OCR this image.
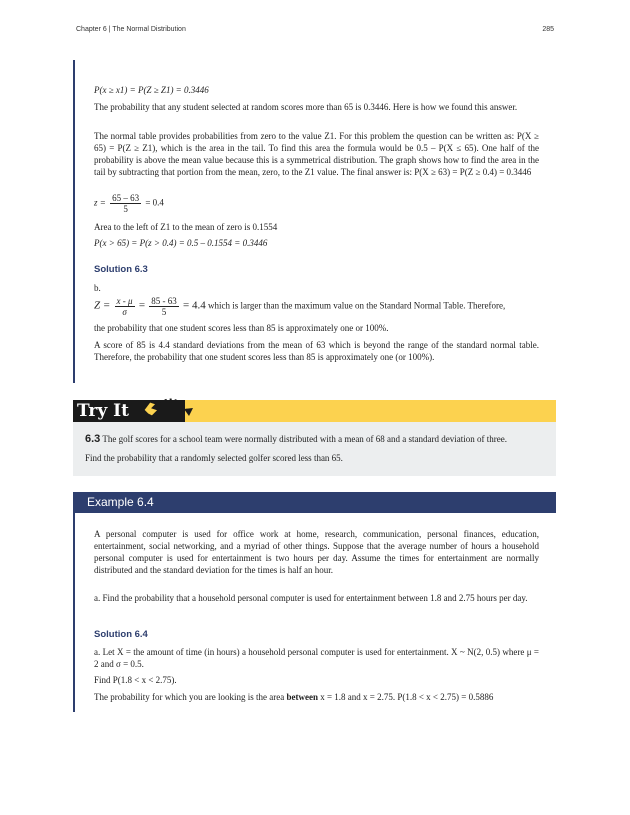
Chapter 6 | The Normal Distribution	285
P(x ≥ x1) = P(Z ≥ Z1) = 0.3446
The probability that any student selected at random scores more than 65 is 0.3446. Here is how we found this answer.
The normal table provides probabilities from zero to the value Z1. For this problem the question can be written as: P(X ≥ 65) = P(Z ≥ Z1), which is the area in the tail. To find this area the formula would be 0.5 – P(X ≤ 65). One half of the probability is above the mean value because this is a symmetrical distribution. The graph shows how to find the area in the tail by subtracting that portion from the mean, zero, to the Z1 value. The final answer is: P(X ≥ 63) = P(Z ≥ 0.4) = 0.3446
$z = \frac{65 - 63}{5} = 0.4$
Area to the left of Z1 to the mean of zero is 0.1554
P(x > 65) = P(z > 0.4) = 0.5 – 0.1554 = 0.3446
Solution 6.3
b.
$Z = \frac{x - \mu}{\sigma} = \frac{85 - 63}{5} = 4.4$ which is larger than the maximum value on the Standard Normal Table. Therefore,
the probability that one student scores less than 85 is approximately one or 100%.
A score of 85 is 4.4 standard deviations from the mean of 63 which is beyond the range of the standard normal table. Therefore, the probability that one student scores less than 85 is approximately one (or 100%).
Try It
6.3 The golf scores for a school team were normally distributed with a mean of 68 and a standard deviation of three.
Find the probability that a randomly selected golfer scored less than 65.
Example 6.4
A personal computer is used for office work at home, research, communication, personal finances, education, entertainment, social networking, and a myriad of other things. Suppose that the average number of hours a household personal computer is used for entertainment is two hours per day. Assume the times for entertainment are normally distributed and the standard deviation for the times is half an hour.
a. Find the probability that a household personal computer is used for entertainment between 1.8 and 2.75 hours per day.
Solution 6.4
a. Let X = the amount of time (in hours) a household personal computer is used for entertainment. X ~ N(2, 0.5) where μ = 2 and σ = 0.5.
Find P(1.8 < x < 2.75).
The probability for which you are looking is the area between x = 1.8 and x = 2.75. P(1.8 < x < 2.75) = 0.5886
